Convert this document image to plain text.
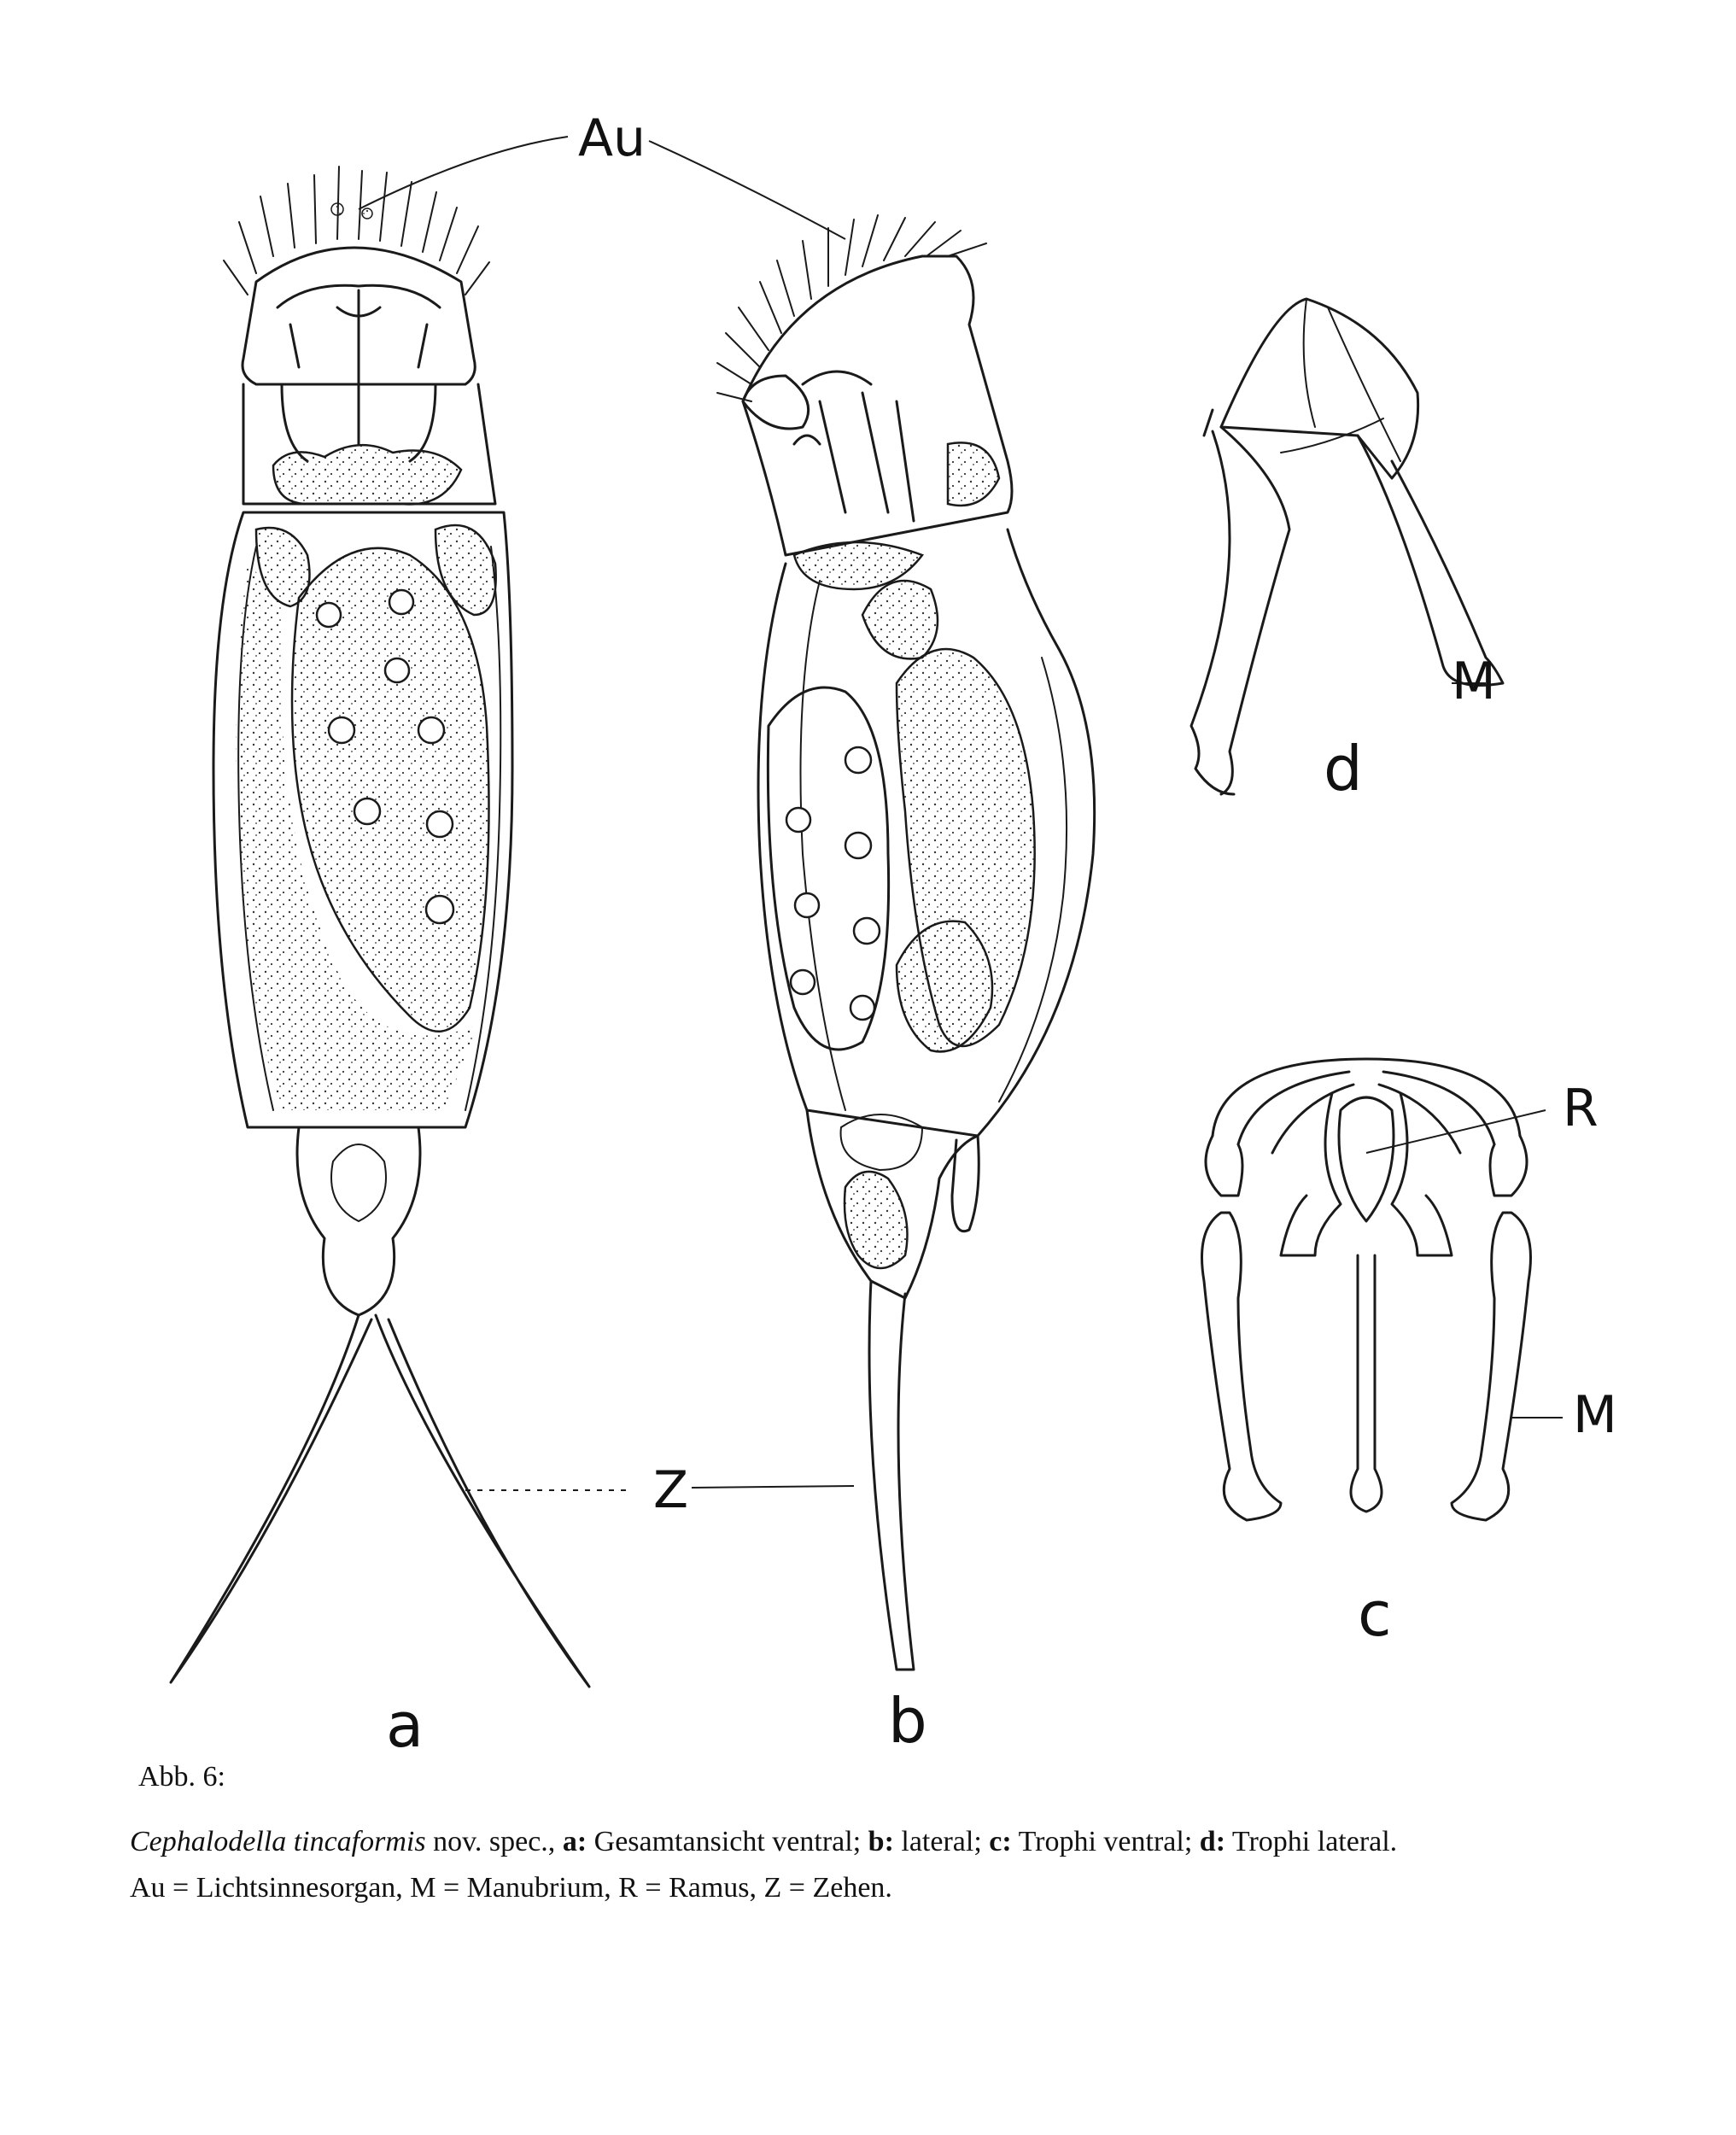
Au
Z
M
R
M
a	b
c
d
Abb. 6:
Cephalodella tincaformis nov. spec., a: Gesamtansicht ventral; b: lateral; c: Trophi ventral; d: Trophi lateral.
Au = Lichtsinnesorgan, M = Manubrium, R = Ramus, Z = Zehen.
